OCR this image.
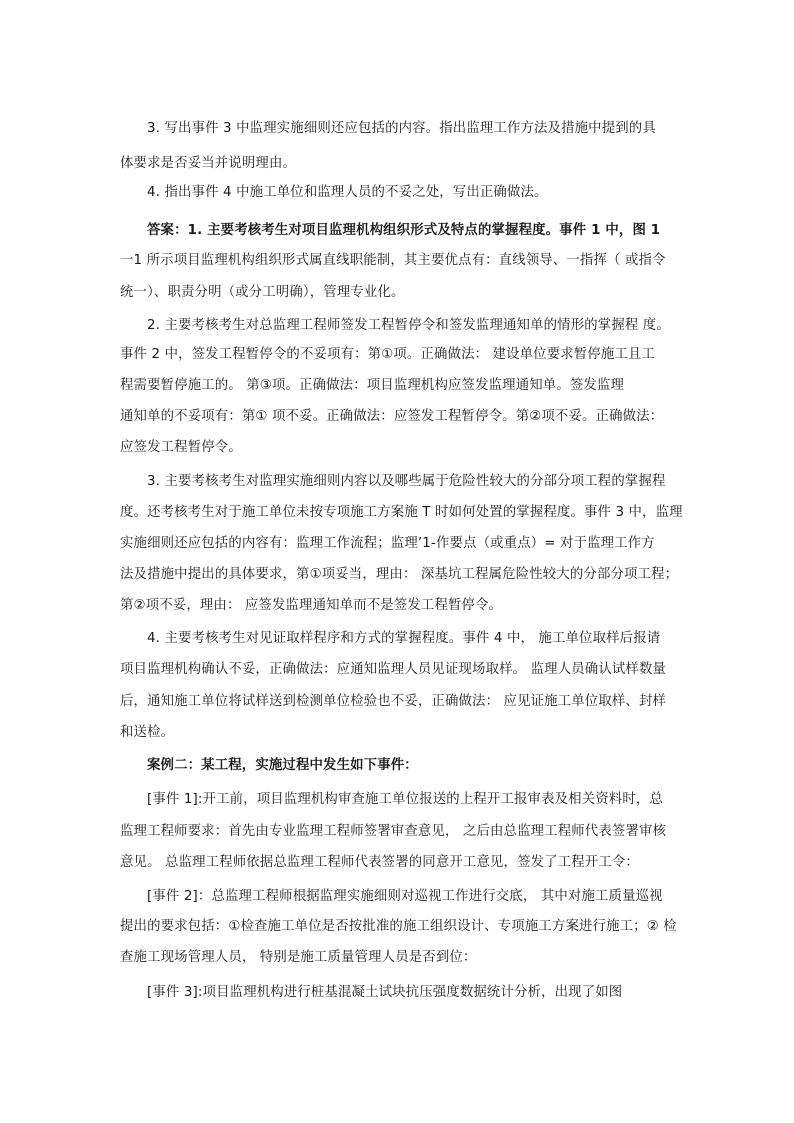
3. 写出事件 3 中监理实施细则还应包括的内容。指出监理工作方法及措施中提到的具
体要求是否妥当并说明理由。
4. 指出事件 4 中施工单位和监理人员的不妥之处，写出正确做法。
答案：1. 主要考核考生对项目监理机构组织形式及特点的掌握程度。事件 1 中，图 1
一1 所示项目监理机构组织形式属直线职能制，其主要优点有：直线领导、一指挥（ 或指令
统一）、职责分明（或分工明确），管理专业化。
2. 主要考核考生对总监理工程师签发工程暂停令和签发监理通知单的情形的掌握程 度。
事件 2 中，签发工程暂停令的不妥项有：第①项。正确做法： 建设单位要求暂停施工且工
程需要暂停施工的。 第③项。正确做法：项目监理机构应签发监理通知单。签发监理
通知单的不妥项有：第① 项不妥。正确做法：应签发工程暂停令。第②项不妥。正确做法：
应签发工程暂停令。
3. 主要考核考生对监理实施细则内容以及哪些属于危险性较大的分部分项工程的掌握程
度。还考核考生对于施工单位未按专项施工方案施 T 时如何处置的掌握程度。事件 3 中，监理
实施细则还应包括的内容有：监理工作流程；监理’1-作要点（或重点）= 对于监理工作方
法及措施中提出的具体要求，第①项妥当，理由： 深基坑工程属危险性较大的分部分项工程；
第②项不妥，理由： 应签发监理通知单而不是签发工程暂停令。
4. 主要考核考生对见证取样程序和方式的掌握程度。事件 4 中， 施工单位取样后报请
项目监理机构确认不妥，正确做法：应通知监理人员见证现场取样。 监理人员确认试样数量
后，通知施工单位将试样送到检测单位检验也不妥，正确做法： 应见证施工单位取样、封样
和送检。
案例二：某工程，实施过程中发生如下事件：
[事件 1]:开工前，项目监理机构审查施工单位报送的上程开工报审表及相关资料时，总
监理工程师要求：首先由专业监理工程师签署审查意见， 之后由总监理工程师代表签署审核
意见。 总监理工程师依据总监理工程师代表签署的同意开工意见，签发了工程开工令：
[事件 2]：总监理工程师根据监理实施细则对巡视工作进行交底， 其中对施工质量巡视
提出的要求包括：①检查施工单位是否按批准的施工组织设计、专项施工方案进行施工；② 检
查施工现场管理人员， 特别是施工质量管理人员是否到位：
[事件 3]:项目监理机构进行桩基混凝土试块抗压强度数据统计分析，出现了如图
